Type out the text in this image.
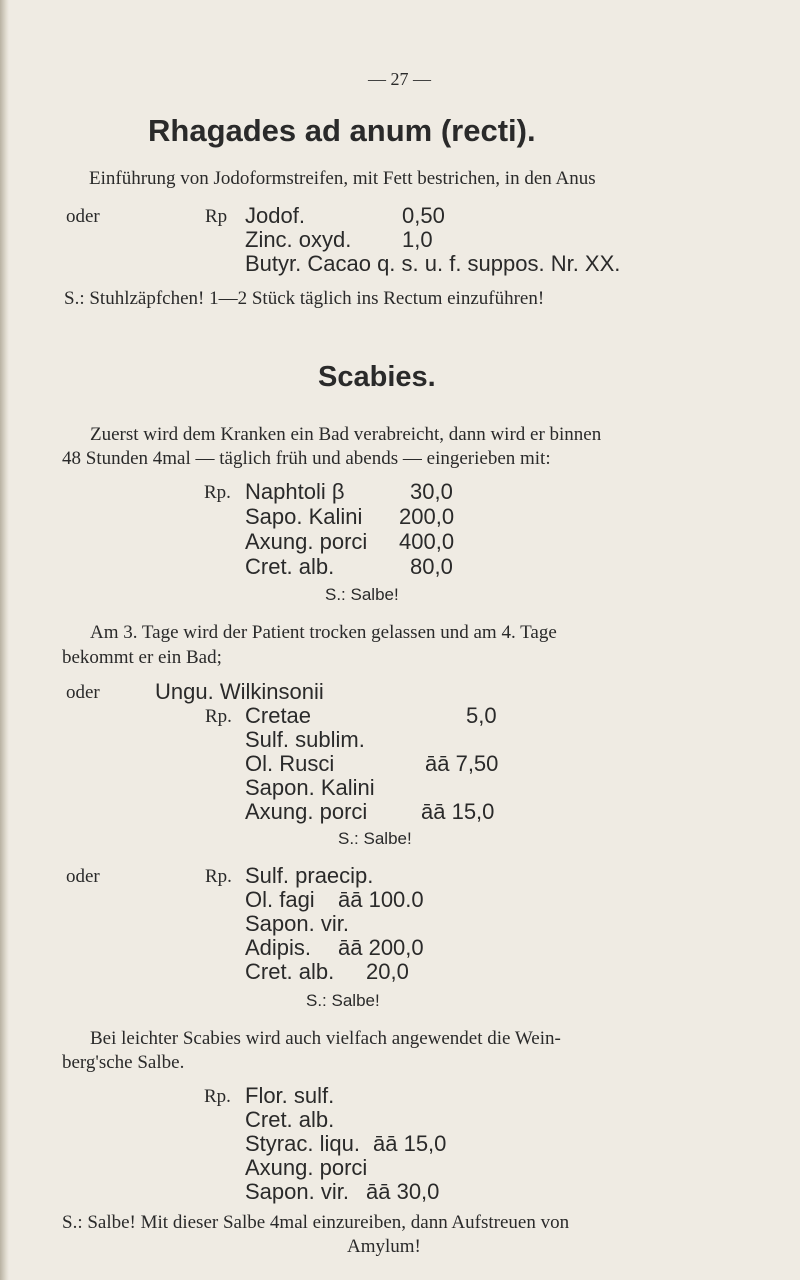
— 27 —
Rhagades ad anum (recti).
Einführung von Jodoformstreifen, mit Fett bestrichen, in den Anus
oder	Rp Jodof.	0,50
Zinc. oxyd. 1,0
Butyr. Cacao q. s. u. f. suppos. Nr. XX.
S.: Stuhlzäpfchen! 1—2 Stück täglich ins Rectum einzuführen!
Scabies.
Zuerst wird dem Kranken ein Bad verabreicht, dann wird er binnen
48 Stunden 4mal — täglich früh und abends — eingerieben mit:
Rp. Naphtoli β	30,0
Sapo. Kalini 200,0
Axung. porci 400,0
Cret. alb.	80,0
S.: Salbe!
Am 3. Tage wird der Patient trocken gelassen und am 4. Tage
bekommt er ein Bad;
oder	Ungu. Wilkinsonii
Rp. Cretae	5,0
Sulf. sublim.
Ol. Rusci	āā 7,50
Sapon. Kalini
Axung. porci āā 15,0
S.: Salbe!
oder	Rp. Sulf. praecip.
Ol. fagi āā 100.0
Sapon. vir.
Adipis. āā 200,0
Cret. alb. 20,0
S.: Salbe!
Bei leichter Scabies wird auch vielfach angewendet die Wein-
berg'sche Salbe.
Rp. Flor. sulf.
Cret. alb.
Styrac. liqu. āā 15,0
Axung. porci
Sapon. vir. āā 30,0
S.: Salbe! Mit dieser Salbe 4mal einzureiben, dann Aufstreuen von
Amylum!
